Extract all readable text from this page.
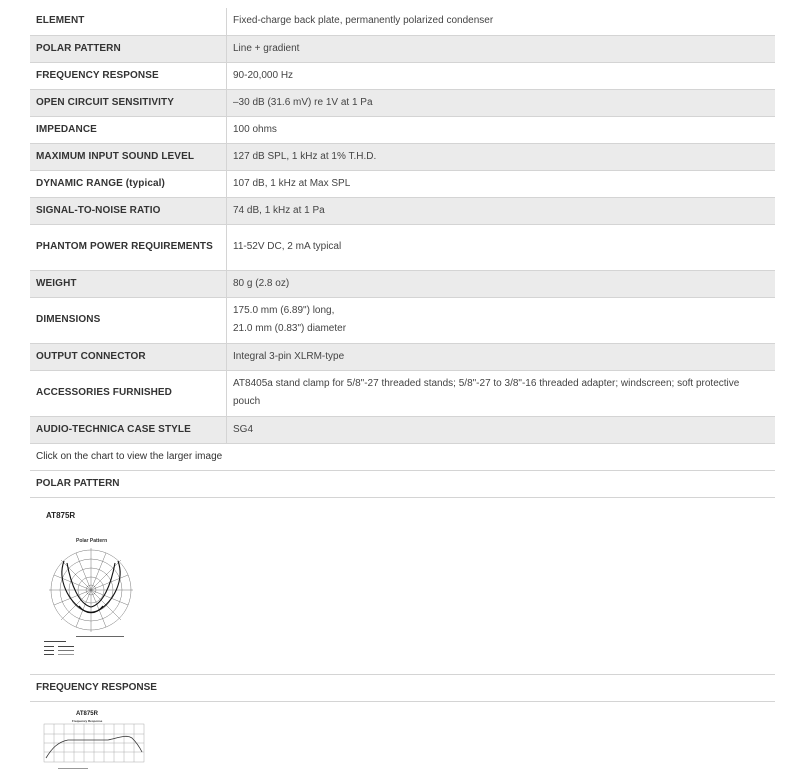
ELEMENT	Fixed-charge back plate, permanently polarized condenser
POLAR PATTERN	Line + gradient
FREQUENCY RESPONSE	90-20,000 Hz
OPEN CIRCUIT SENSITIVITY	–30 dB (31.6 mV) re 1V at 1 Pa
IMPEDANCE	100 ohms
MAXIMUM INPUT SOUND LEVEL	127 dB SPL, 1 kHz at 1% T.H.D.
DYNAMIC RANGE (typical)	107 dB, 1 kHz at Max SPL
SIGNAL-TO-NOISE RATIO	74 dB, 1 kHz at 1 Pa
PHANTOM POWER REQUIREMENTS	11-52V DC, 2 mA typical
WEIGHT	80 g (2.8 oz)
DIMENSIONS	175.0 mm (6.89") long,
21.0 mm (0.83") diameter

OUTPUT CONNECTOR	Integral 3-pin XLRM-type
ACCESSORIES FURNISHED	AT8405a stand clamp for 5/8"-27 threaded stands; 5/8"-27 to 3/8"-16 threaded adapter; windscreen; soft protective pouch
AUDIO-TECHNICA CASE STYLE	SG4
Click on the chart to view the larger image
POLAR PATTERN
AT875R
Polar Pattern
FREQUENCY RESPONSE
AT875R
Frequency Response
